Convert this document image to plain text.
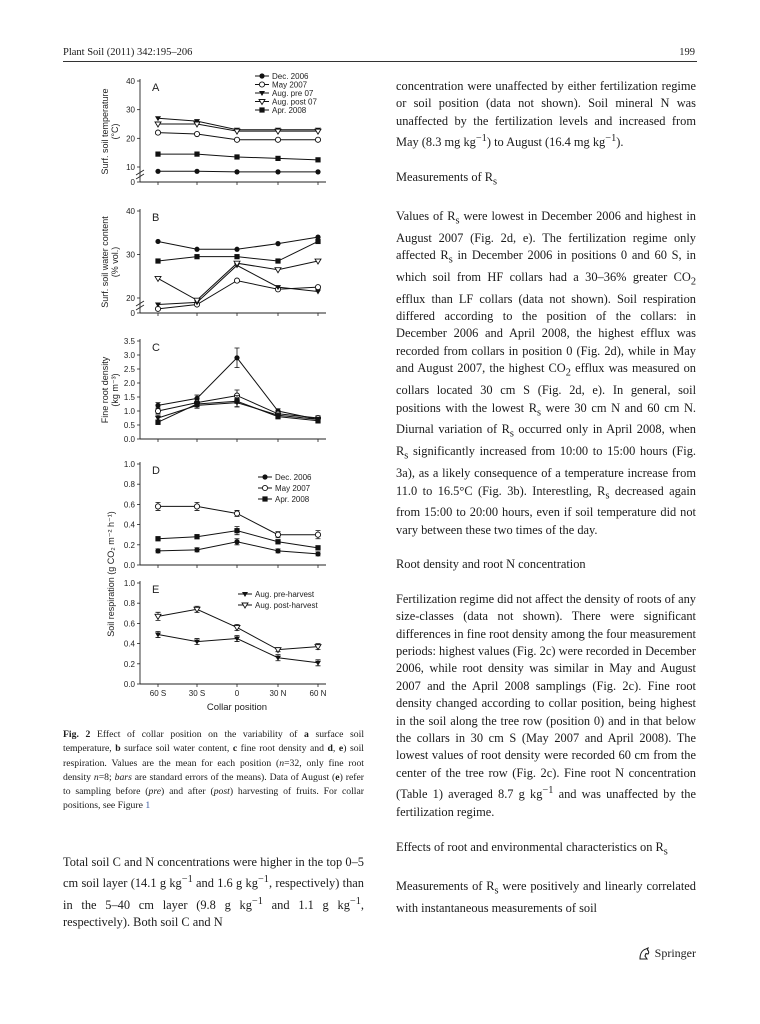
Plant Soil (2011) 342:195–206	199
0
10
20
30
40
A
Surf. soil temperature (°C)
Dec. 2006
May 2007
Aug. pre 07
Aug. post 07
Apr. 2008
0
20
30
40
B
Surf. soil water content (% vol.)
0.0
0.5
1.0
1.5
2.0
2.5
3.0
3.5
C
Fine root density (kg m⁻³)
0.0
0.2
0.4
0.6
0.8
1.0
D
Dec. 2006
May 2007
Apr. 2008
0.0
0.2
0.4
0.6
0.8
1.0
E	Aug. pre-harvest
Aug. post-harvest
60 S	30 S	0	30 N	60 N
Collar position
Soil respiration (g CO₂ m⁻² h⁻¹)
Fig. 2 Effect of collar position on the variability of a surface soil temperature, b surface soil water content, c fine root density and d, e) soil respiration. Values are the mean for each position (n=32, only fine root density n=8; bars are standard errors of the means). Data of August (e) refer to sampling before (pre) and after (post) harvesting of fruits. For collar positions, see Figure 1

Total soil C and N concentrations were higher in the top 0–5 cm soil layer (14.1 g $kg^{-1}$ and 1.6 g $kg^{-1}$, respectively) than in the 5–40 cm layer (9.8 g $kg^{-1}$ and 1.1 g $kg^{-1}$, respectively). Both soil C and N

concentration were unaffected by either fertilization regime or soil position (data not shown). Soil mineral N was unaffected by the fertilization levels and increased from May (8.3 mg $kg^{-1}$) to August (16.4 mg $kg^{-1}$).

Measurements of $R_s$

Values of $R_s$ were lowest in December 2006 and highest in August 2007 (Fig. 2d, e). The fertilization regime only affected $R_s$ in December 2006 in positions 0 and 60 S, in which soil from HF collars had a 30–36% greater $CO_2$ efflux than LF collars (data not shown). Soil respiration differed according to the position of the collars: in December 2006 and April 2008, the highest efflux was recorded from collars in position 0 (Fig. 2d), while in May and August 2007, the highest $CO_2$ efflux was measured on collars located 30 cm S (Fig. 2d, e). In general, soil positions with the lowest $R_s$ were 30 cm N and 60 cm N. Diurnal variation of $R_s$ occurred only in April 2008, when $R_s$ significantly increased from 10:00 to 15:00 hours (Fig. 3a), as a likely consequence of a temperature increase from 11.0 to 16.5°C (Fig. 3b). Interestling, $R_s$ decreased again from 15:00 to 20:00 hours, even if soil temperature did not vary between these two times of the day.

Root density and root N concentration

Fertilization regime did not affect the density of roots of any size-classes (data not shown). There were significant differences in fine root density among the four measurement periods: highest values (Fig. 2c) were recorded in December 2006, while root density was similar in May and August 2007 and the April 2008 samplings (Fig. 2c). Fine root density changed according to collar position, being highest in the soil along the tree row (position 0) and in that below the collars in 30 cm S (May 2007 and April 2008). The lowest values of root density were recorded 60 cm from the center of the tree row (Fig. 2c). Fine root N concentration (Table 1) averaged 8.7 g $kg^{-1}$ and was unaffected by the fertilization regime.

Effects of root and environmental characteristics on $R_s$

Measurements of $R_s$ were positively and linearly correlated with instantaneous measurements of soil

Springer
